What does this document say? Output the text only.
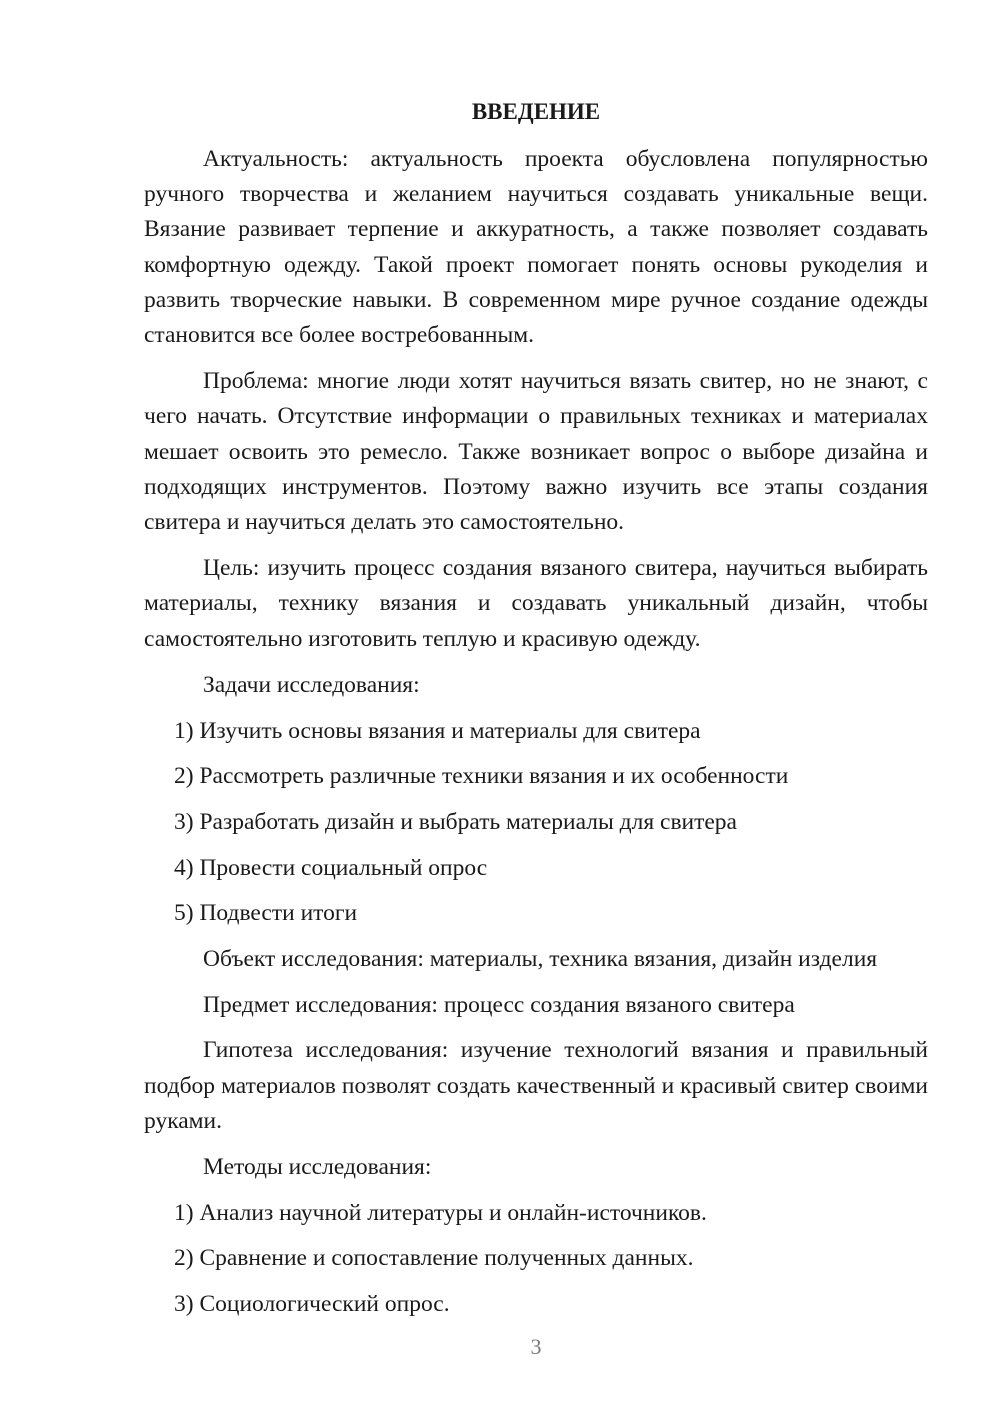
ВВЕДЕНИЕ

Актуальность: актуальность проекта обусловлена популярностью ручного творчества и желанием научиться создавать уникальные вещи. Вязание развивает терпение и аккуратность, а также позволяет создавать комфортную одежду. Такой проект помогает понять основы рукоделия и развить творческие навыки. В современном мире ручное создание одежды становится все более востребованным.

Проблема: многие люди хотят научиться вязать свитер, но не знают, с чего начать. Отсутствие информации о правильных техниках и материалах мешает освоить это ремесло. Также возникает вопрос о выборе дизайна и подходящих инструментов. Поэтому важно изучить все этапы создания свитера и научиться делать это самостоятельно.

Цель: изучить процесс создания вязаного свитера, научиться выбирать материалы, технику вязания и создавать уникальный дизайн, чтобы самостоятельно изготовить теплую и красивую одежду.

Задачи исследования:
1) Изучить основы вязания и материалы для свитера
2) Рассмотреть различные техники вязания и их особенности
3) Разработать дизайн и выбрать материалы для свитера
4) Провести социальный опрос
5) Подвести итоги
Объект исследования: материалы, техника вязания, дизайн изделия
Предмет исследования: процесс создания вязаного свитера

Гипотеза исследования: изучение технологий вязания и правильный подбор материалов позволят создать качественный и красивый свитер своими руками.

Методы исследования:
1) Анализ научной литературы и онлайн-источников.
2) Сравнение и сопоставление полученных данных.
3) Социологический опрос.
3
